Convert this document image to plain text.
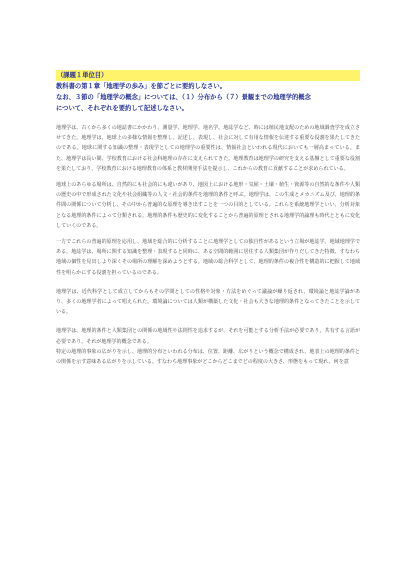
（課題１単位目）
教科書の第１章「地理学の歩み」を節ごとに要約しなさい。
なお、３節の「地理学の概念」については、（１）分布から（７）景観までの地理学的概念
について、それぞれを要約して記述しなさい。

地理学は、古くから多くの地誌書にかかわり、測量学、地理学、地名学、地誌学など、時には植民地支配のための地域調査学を成立させてきた。地理学は、地球上の多様な情報を整理し、記述し、表現し、社会に対して有用な情報を伝達する重要な役割を果たしてきたのである。地球に関する知識の整理・表現学としての地理学の重要性は、情報社会といわれる現代においても一層高まっている。また、地理学は長い間、学校教育における社会科地理の存在に支えられてきた。地理教育は地理学の研究を支える基盤として重要な役割を果たしており、学校教育における地理教育の体系と教材開発手法を提示し、これからの教育に貢献することが求められている。

地球上のあらゆる場所は、自然的にも社会的にも違いがあり、地図上における地形・気候・土壌・植生・資源等の自然的な条件や人類の歴史の中で形成された文化や社会組織等の人文・社会的条件を地理的条件と呼ぶ。地理学は、この生成とメカニズム及び、地理的条件間の関係について分析し、その中から普遍的な原理を導き出すことを一つの目的としている。これらを系統地理学といい、分析対象となる地理的条件によって分類される。地理的条件も歴史的に変化することから普遍的原理とされる地理学的論理も時代とともに変化していくのである。

一方でこれらの普遍的原理を応用し、地域を総合的に分析することに地理学としての独自性があるという立場が地誌学、地域地理学である。地誌学は、場所に関する知識を整理・表現すると同時に、ある空間的範囲に居住する人類集団が作りだしてきた特徴、すなわち地域の個性を見出しより深くその場所の理解を深めようとする。地域の総合科学として、地理的条件の複合性を構造的に把握して地域性を明らかにする役割を担っているのである。

地理学は、近代科学として成立してからもその学問としての性格や対象・方法をめぐって議論が繰り返され、環境論と地誌学論があり、多くの地理学者によって唱えられた。環境論については人類が構築した文化・社会も大きな地理的条件となってきたことを示している。

地理学は、地理的条件と人類集団との関係の地域性や法則性を追求するが、それを可能とする分析手法が必要であり、共有する言語が必要であり、それが地理学的概念である。

特定の地理的事象の広がりを示し、地理的分布といわれる分布は、位置、距離、広がりという概念で構成され、地表上の地理的条件との関係を示す意味ある広がりを示している。すなわち地理事象がどこからどこまでどの程度の大きさ、形態をもって現れ、何を意
